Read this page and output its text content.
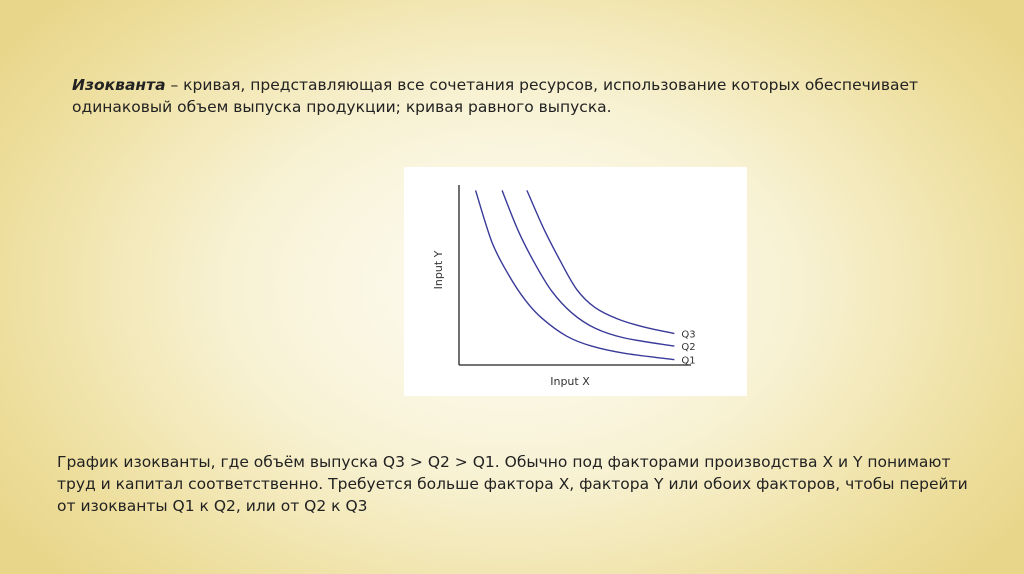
Изокванта – кривая, представляющая все сочетания ресурсов, использование которых обеспечивает одинаковый объем выпуска продукции; кривая равного выпуска.
Input X
Input Y
Q1
Q2
Q3
График изокванты, где объём выпуска Q3 > Q2 > Q1. Обычно под факторами производства X и Y понимают труд и капитал соответственно. Требуется больше фактора X, фактора Y или обоих факторов, чтобы перейти от изокванты Q1 к Q2, или от Q2 к Q3
